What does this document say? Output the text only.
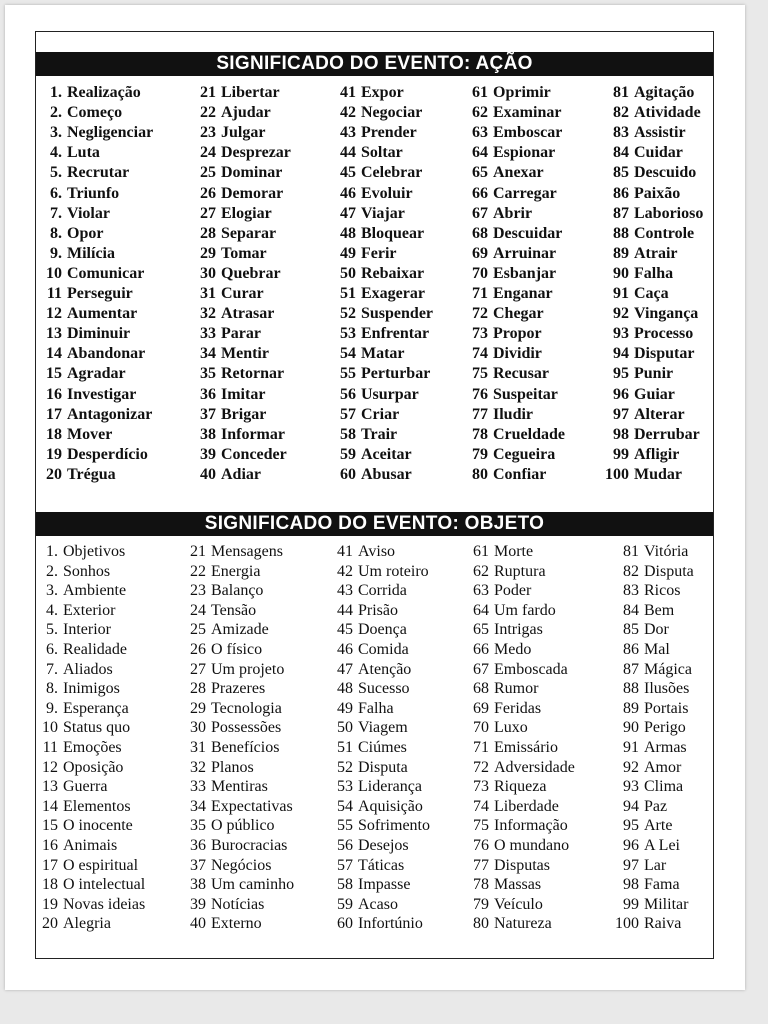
SIGNIFICADO DO EVENTO: AÇÃO
1. Realização
2. Começo
3. Negligenciar
4. Luta
5. Recrutar
6. Triunfo
7. Violar
8. Opor
9. Milícia
10 Comunicar
11 Perseguir
12 Aumentar
13 Diminuir
14 Abandonar
15 Agradar
16 Investigar
17 Antagonizar
18 Mover
19 Desperdício
20 Trégua
21 Libertar
22 Ajudar
23 Julgar
24 Desprezar
25 Dominar
26 Demorar
27 Elogiar
28 Separar
29 Tomar
30 Quebrar
31 Curar
32 Atrasar
33 Parar
34 Mentir
35 Retornar
36 Imitar
37 Brigar
38 Informar
39 Conceder
40 Adiar
41 Expor
42 Negociar
43 Prender
44 Soltar
45 Celebrar
46 Evoluir
47 Viajar
48 Bloquear
49 Ferir
50 Rebaixar
51 Exagerar
52 Suspender
53 Enfrentar
54 Matar
55 Perturbar
56 Usurpar
57 Criar
58 Trair
59 Aceitar
60 Abusar
61 Oprimir
62 Examinar
63 Emboscar
64 Espionar
65 Anexar
66 Carregar
67 Abrir
68 Descuidar
69 Arruinar
70 Esbanjar
71 Enganar
72 Chegar
73 Propor
74 Dividir
75 Recusar
76 Suspeitar
77 Iludir
78 Crueldade
79 Cegueira
80 Confiar
81 Agitação
82 Atividade
83 Assistir
84 Cuidar
85 Descuido
86 Paixão
87 Laborioso
88 Controle
89 Atrair
90 Falha
91 Caça
92 Vingança
93 Processo
94 Disputar
95 Punir
96 Guiar
97 Alterar
98 Derrubar
99 Afligir
100 Mudar
SIGNIFICADO DO EVENTO: OBJETO
1. Objetivos
2. Sonhos
3. Ambiente
4. Exterior
5. Interior
6. Realidade
7. Aliados
8. Inimigos
9. Esperança
10 Status quo
11 Emoções
12 Oposição
13 Guerra
14 Elementos
15 O inocente
16 Animais
17 O espiritual
18 O intelectual
19 Novas ideias
20 Alegria
21 Mensagens
22 Energia
23 Balanço
24 Tensão
25 Amizade
26 O físico
27 Um projeto
28 Prazeres
29 Tecnologia
30 Possessões
31 Benefícios
32 Planos
33 Mentiras
34 Expectativas
35 O público
36 Burocracias
37 Negócios
38 Um caminho
39 Notícias
40 Externo
41 Aviso
42 Um roteiro
43 Corrida
44 Prisão
45 Doença
46 Comida
47 Atenção
48 Sucesso
49 Falha
50 Viagem
51 Ciúmes
52 Disputa
53 Liderança
54 Aquisição
55 Sofrimento
56 Desejos
57 Táticas
58 Impasse
59 Acaso
60 Infortúnio
61 Morte
62 Ruptura
63 Poder
64 Um fardo
65 Intrigas
66 Medo
67 Emboscada
68 Rumor
69 Feridas
70 Luxo
71 Emissário
72 Adversidade
73 Riqueza
74 Liberdade
75 Informação
76 O mundano
77 Disputas
78 Massas
79 Veículo
80 Natureza
81 Vitória
82 Disputa
83 Ricos
84 Bem
85 Dor
86 Mal
87 Mágica
88 Ilusões
89 Portais
90 Perigo
91 Armas
92 Amor
93 Clima
94 Paz
95 Arte
96 A Lei
97 Lar
98 Fama
99 Militar
100 Raiva
